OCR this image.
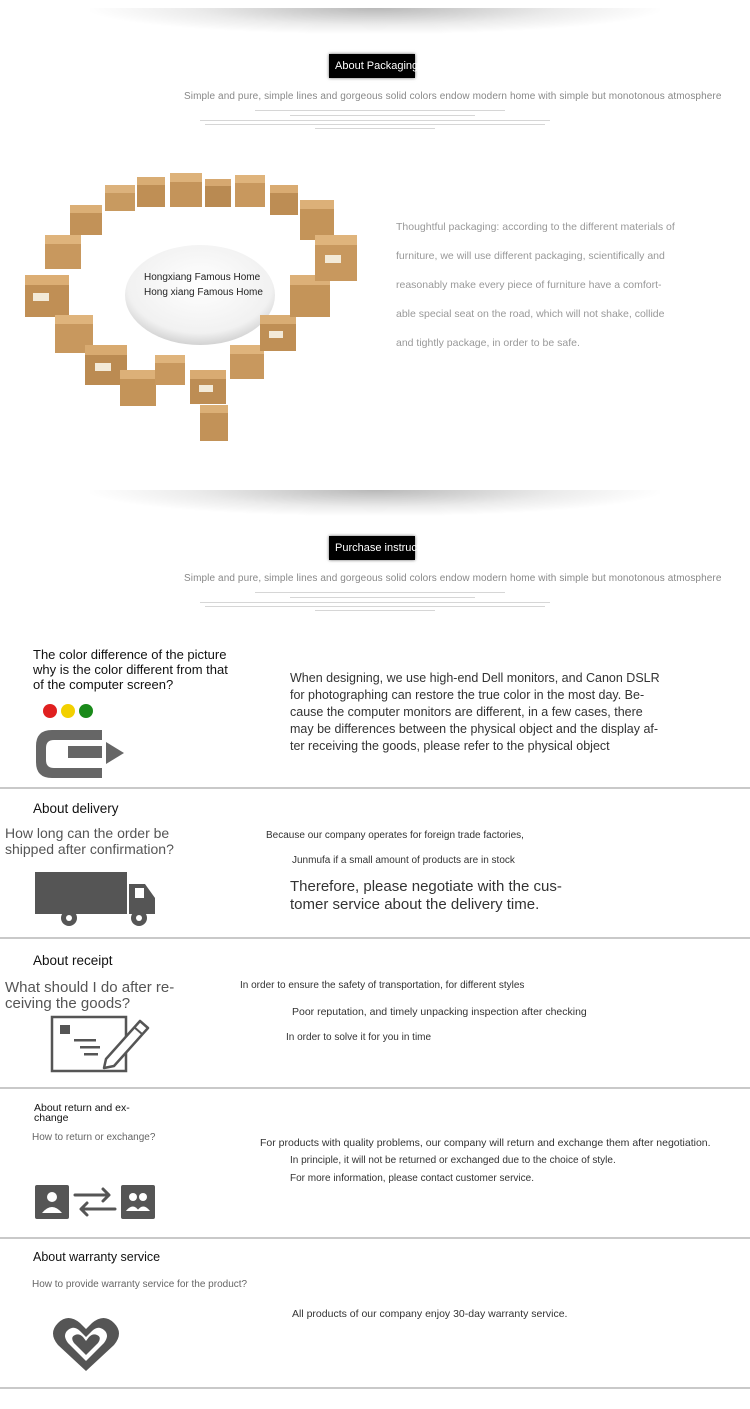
About Packaging
Simple and pure, simple lines and gorgeous solid colors endow modern home with simple but monotonous atmosphere
Hongxiang Famous Home
Hong xiang Famous Home
Thoughtful packaging: according to the different materials of
furniture, we will use different packaging, scientifically and
reasonably make every piece of furniture have a comfort-
able special seat on the road, which will not shake, collide
and tightly package, in order to be safe.
Purchase instructions
Simple and pure, simple lines and gorgeous solid colors endow modern home with simple but monotonous atmosphere
The color difference of the picture
why is the color different from that
of the computer screen?	When designing, we use high-end Dell monitors, and Canon DSLR
for photographing can restore the true color in the most day. Be-
cause the computer monitors are different, in a few cases, there
may be differences between the physical object and the display af-
ter receiving the goods, please refer to the physical object
About delivery
How long can the order be
shipped after confirmation?
Because our company operates for foreign trade factories,
Junmufa if a small amount of products are in stock
Therefore, please negotiate with the cus-
tomer service about the delivery time.
About receipt
What should I do after re-
ceiving the goods?
In order to ensure the safety of transportation, for different styles
Poor reputation, and timely unpacking inspection after checking
In order to solve it for you in time
About return and ex-
change
How to return or exchange?	For products with quality problems, our company will return and exchange them after negotiation.
In principle, it will not be returned or exchanged due to the choice of style.
For more information, please contact customer service.
About warranty service
How to provide warranty service for the product?
All products of our company enjoy 30-day warranty service.
